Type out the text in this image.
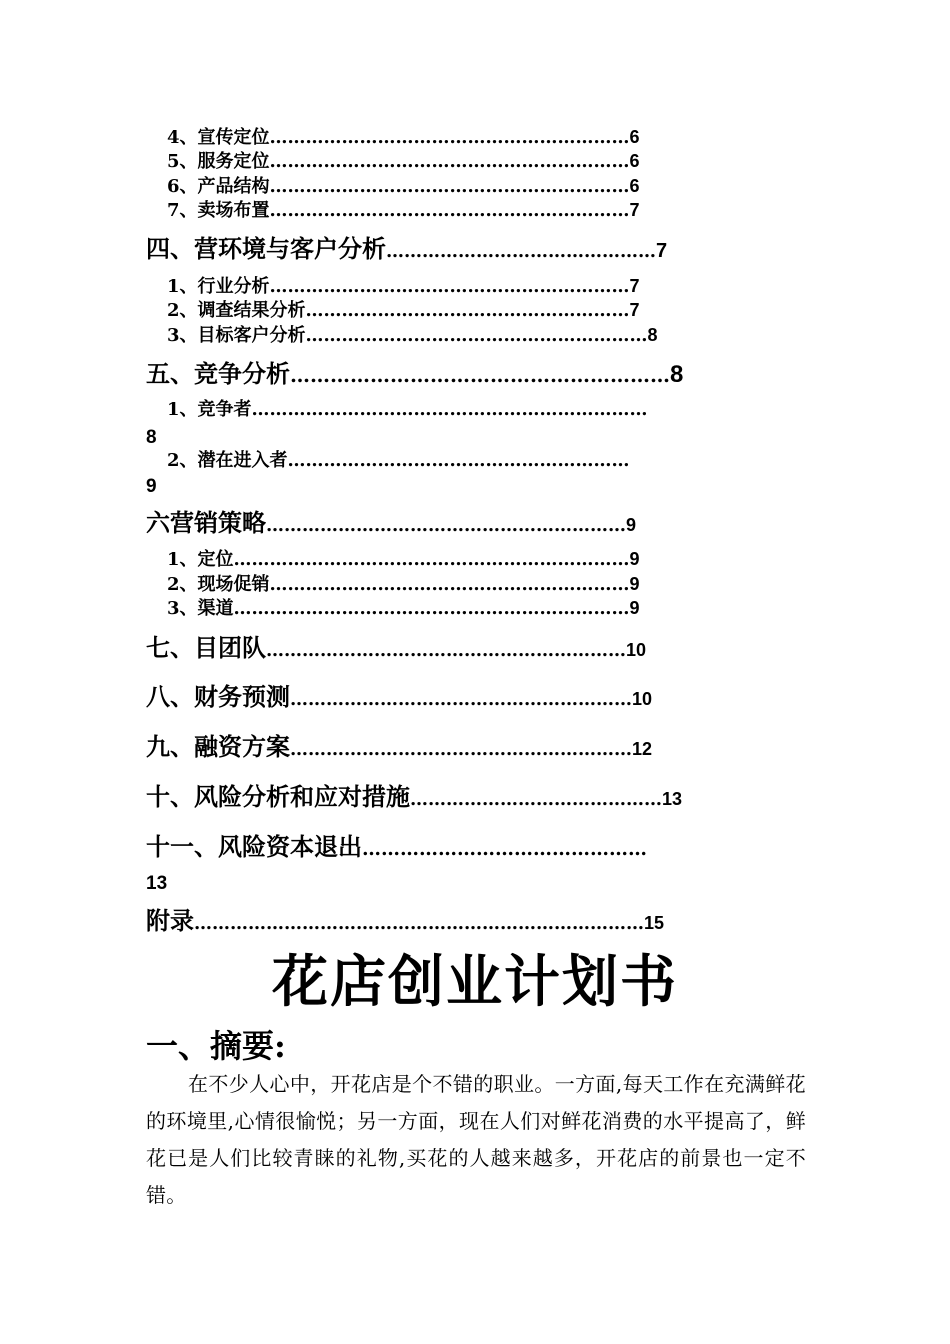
4、宣传定位……………………………………………………6
5、服务定位……………………………………………………6
6、产品结构……………………………………………………6
7、卖场布置……………………………………………………7
四、营环境与客户分析………………………………………7
1、行业分析……………………………………………………7
2、调查结果分析………………………………………………7
3、目标客户分析…………………………………………………8
五、竞争分析…………………………………………………8
1、竞争者…………………………………………………………
8
2、潜在进入者…………………………………………………
9
六营销策略……………………………………………………9
1、定位…………………………………………………………9
2、现场促销……………………………………………………9
3、渠道…………………………………………………………9
七、目团队……………………………………………………10
八、财务预测…………………………………………………10
九、融资方案…………………………………………………12
十、风险分析和应对措施……………………………………13
十一、风险资本退出………………………………………
13
附录…………………………………………………………………15
花店创业计划书
一、摘要:
在不少人心中，开花店是个不错的职业。一方面,每天工作在充满鲜花的环境里,心情很愉悦；另一方面，现在人们对鲜花消费的水平提高了，鲜花已是人们比较青睐的礼物,买花的人越来越多，开花店的前景也一定不错。
